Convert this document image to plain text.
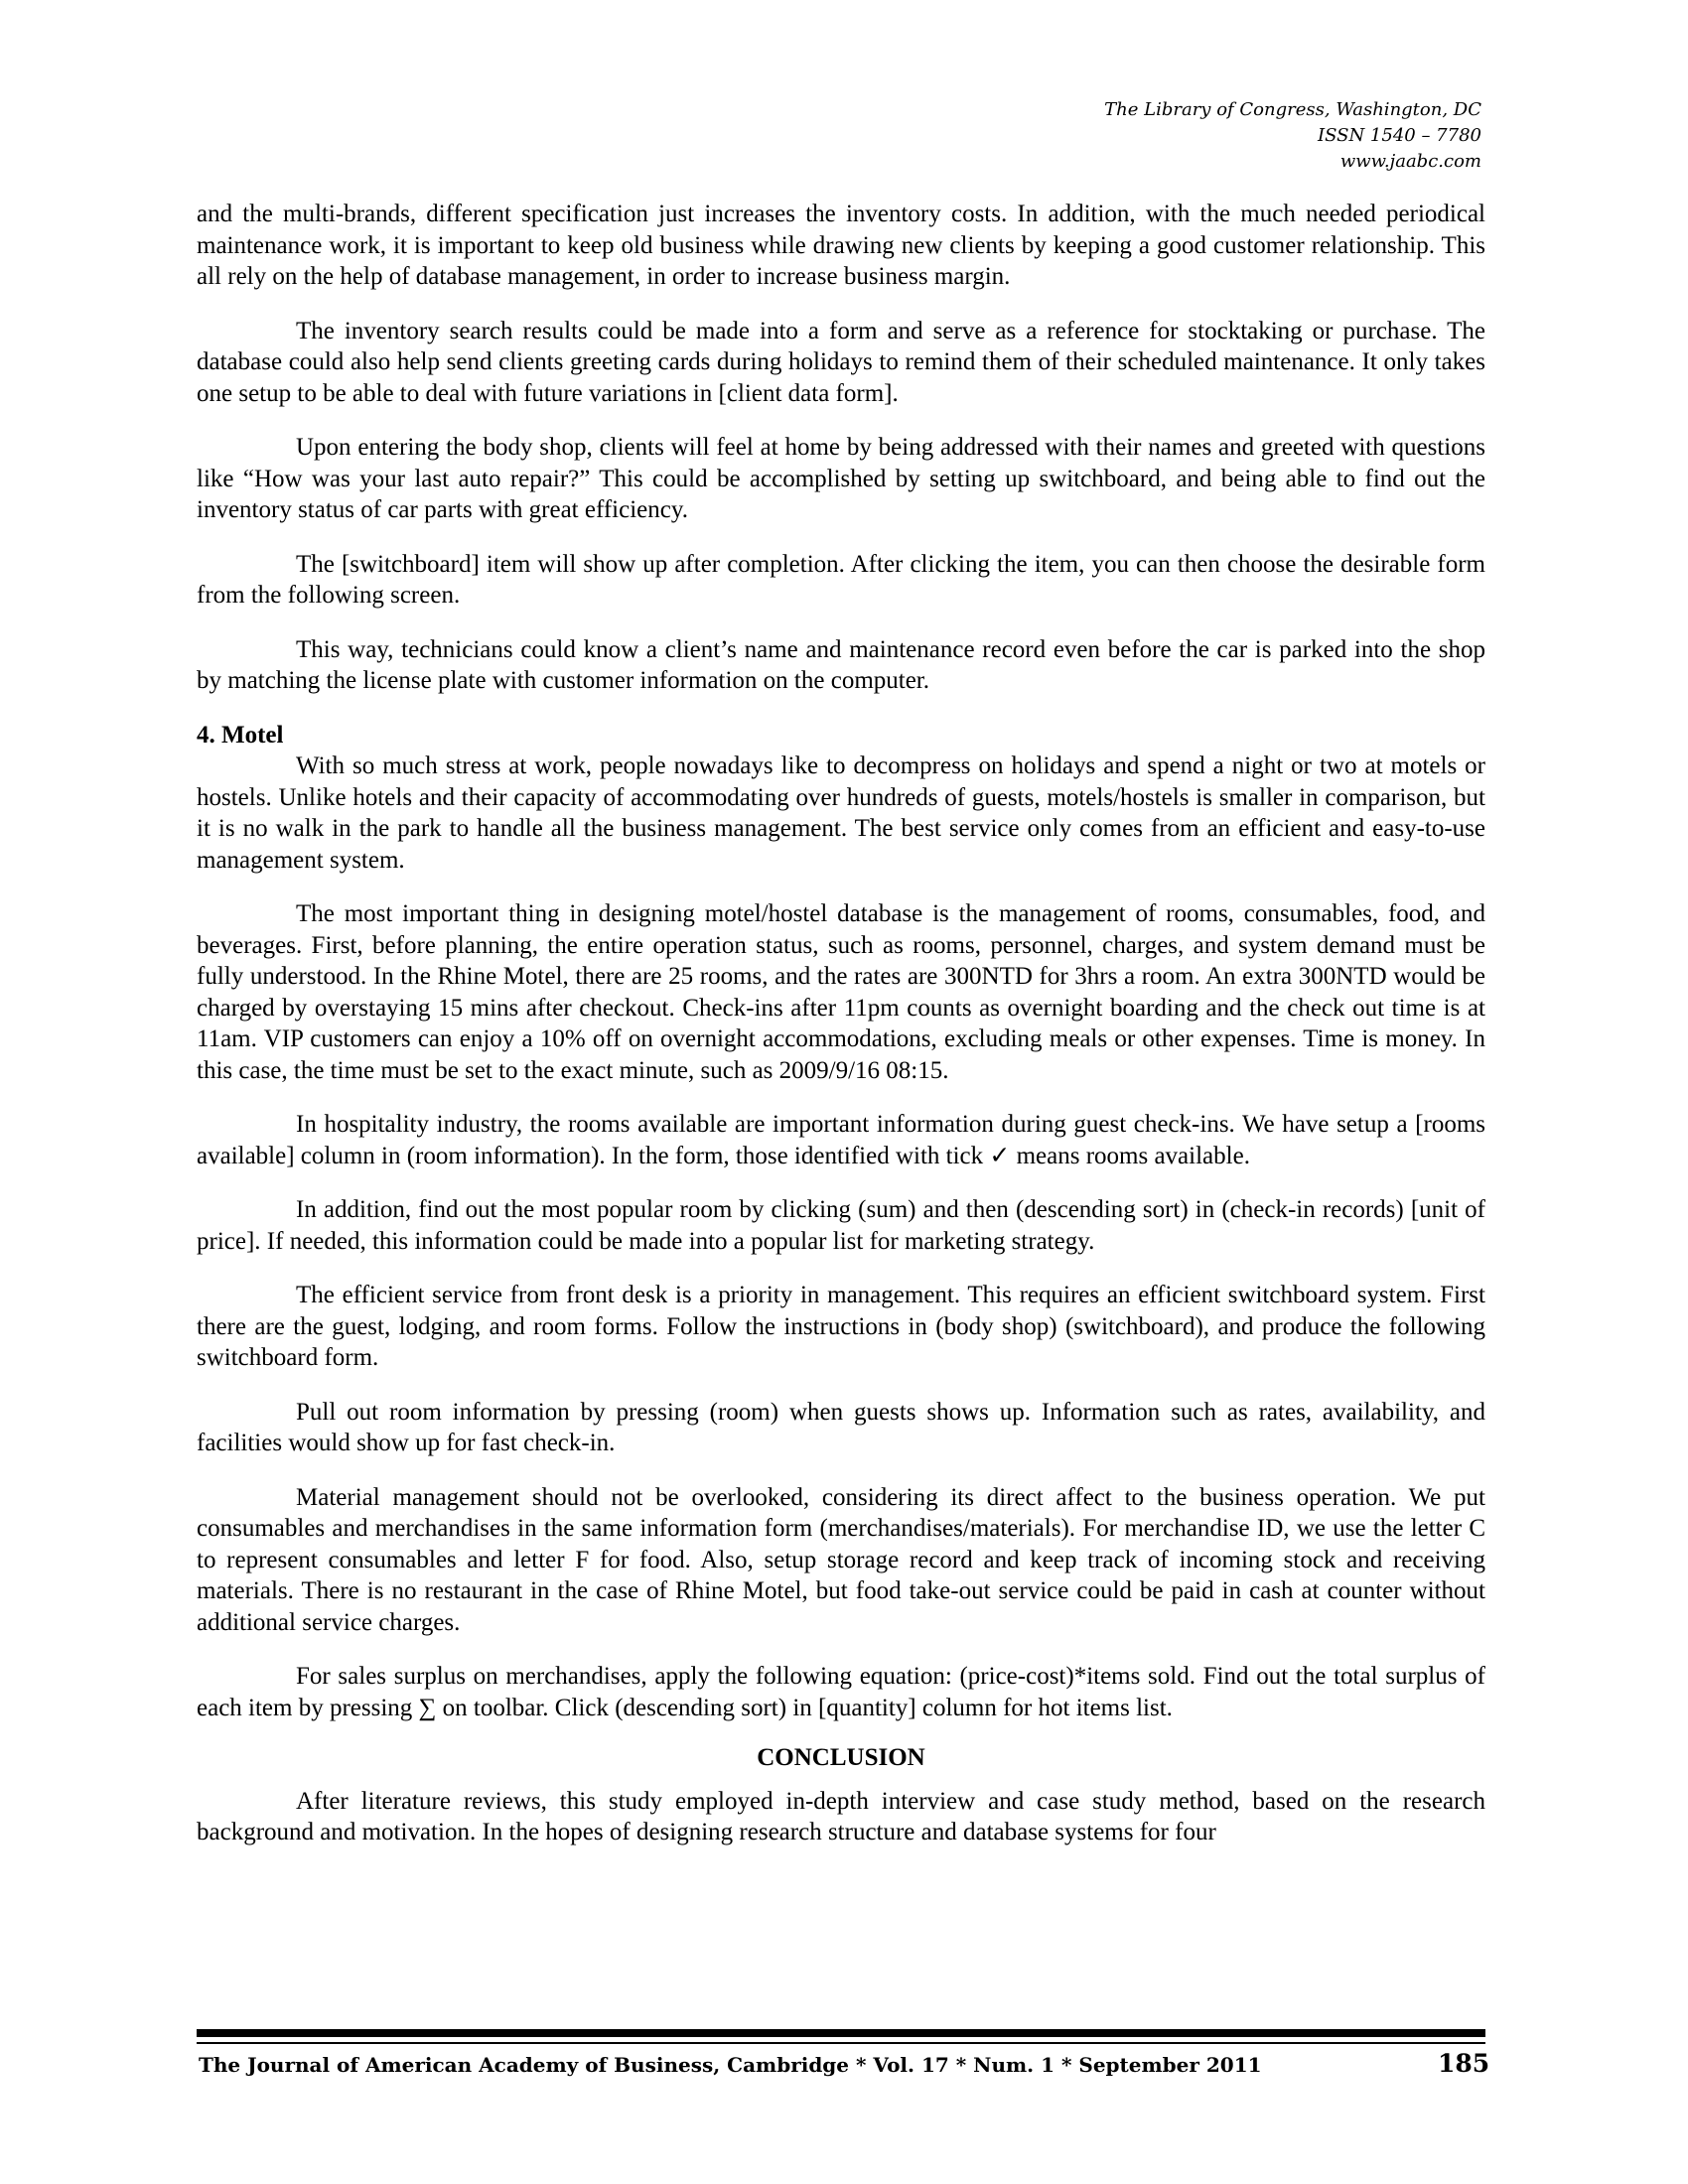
The Library of Congress, Washington, DC
ISSN 1540 – 7780
www.jaabc.com

and the multi-brands, different specification just increases the inventory costs. In addition, with the much needed periodical maintenance work, it is important to keep old business while drawing new clients by keeping a good customer relationship. This all rely on the help of database management, in order to increase business margin.

The inventory search results could be made into a form and serve as a reference for stocktaking or purchase. The database could also help send clients greeting cards during holidays to remind them of their scheduled maintenance. It only takes one setup to be able to deal with future variations in [client data form].

Upon entering the body shop, clients will feel at home by being addressed with their names and greeted with questions like “How was your last auto repair?” This could be accomplished by setting up switchboard, and being able to find out the inventory status of car parts with great efficiency.

The [switchboard] item will show up after completion. After clicking the item, you can then choose the desirable form from the following screen.

This way, technicians could know a client’s name and maintenance record even before the car is parked into the shop by matching the license plate with customer information on the computer.

4. Motel

With so much stress at work, people nowadays like to decompress on holidays and spend a night or two at motels or hostels. Unlike hotels and their capacity of accommodating over hundreds of guests, motels/hostels is smaller in comparison, but it is no walk in the park to handle all the business management. The best service only comes from an efficient and easy-to-use management system.

The most important thing in designing motel/hostel database is the management of rooms, consumables, food, and beverages. First, before planning, the entire operation status, such as rooms, personnel, charges, and system demand must be fully understood. In the Rhine Motel, there are 25 rooms, and the rates are 300NTD for 3hrs a room. An extra 300NTD would be charged by overstaying 15 mins after checkout. Check-ins after 11pm counts as overnight boarding and the check out time is at 11am. VIP customers can enjoy a 10% off on overnight accommodations, excluding meals or other expenses. Time is money. In this case, the time must be set to the exact minute, such as 2009/9/16 08:15.

In hospitality industry, the rooms available are important information during guest check-ins. We have setup a [rooms available] column in (room information). In the form, those identified with tick ✓ means rooms available.

In addition, find out the most popular room by clicking (sum) and then (descending sort) in (check-in records) [unit of price]. If needed, this information could be made into a popular list for marketing strategy.

The efficient service from front desk is a priority in management. This requires an efficient switchboard system. First there are the guest, lodging, and room forms. Follow the instructions in (body shop) (switchboard), and produce the following switchboard form.

Pull out room information by pressing (room) when guests shows up. Information such as rates, availability, and facilities would show up for fast check-in.

Material management should not be overlooked, considering its direct affect to the business operation. We put consumables and merchandises in the same information form (merchandises/materials). For merchandise ID, we use the letter C to represent consumables and letter F for food. Also, setup storage record and keep track of incoming stock and receiving materials. There is no restaurant in the case of Rhine Motel, but food take-out service could be paid in cash at counter without additional service charges.

For sales surplus on merchandises, apply the following equation: (price-cost)*items sold. Find out the total surplus of each item by pressing ∑ on toolbar. Click (descending sort) in [quantity] column for hot items list.

CONCLUSION

After literature reviews, this study employed in-depth interview and case study method, based on the research background and motivation. In the hopes of designing research structure and database systems for four

The Journal of American Academy of Business, Cambridge * Vol. 17 * Num. 1 * September 2011	185
